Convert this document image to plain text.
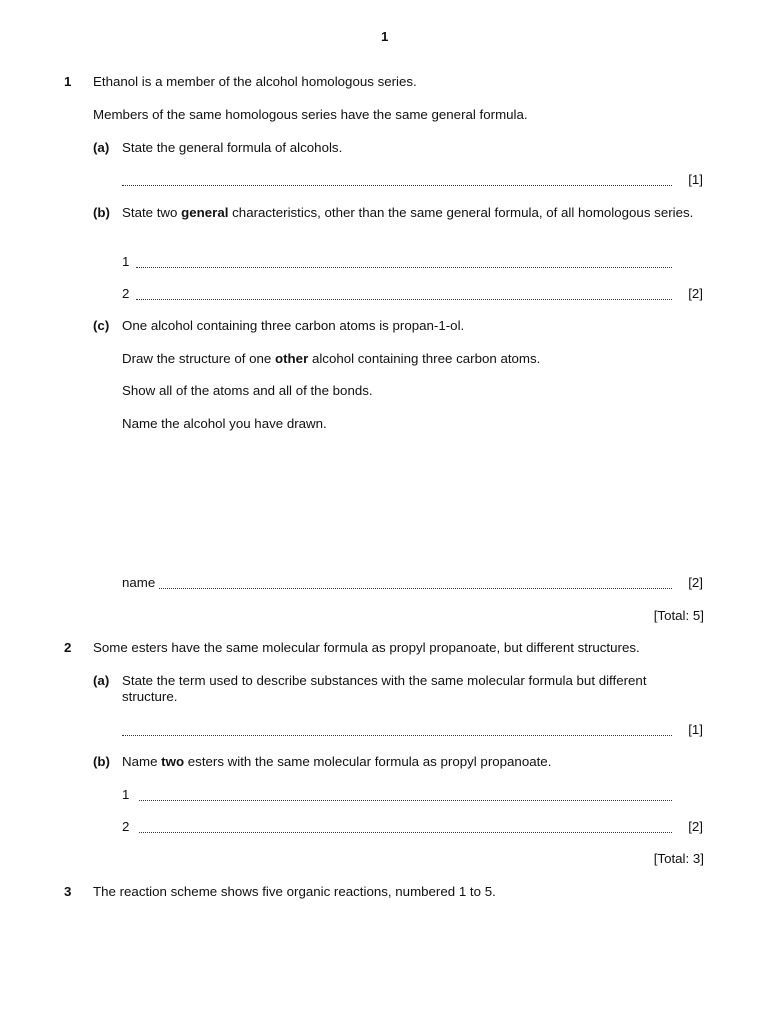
1
1 Ethanol is a member of the alcohol homologous series.
Members of the same homologous series have the same general formula.
(a) State the general formula of alcohols.
[1]
(b) State two general characteristics, other than the same general formula, of all homologous series.
1
2	[2]
(c) One alcohol containing three carbon atoms is propan-1-ol.
Draw the structure of one other alcohol containing three carbon atoms.
Show all of the atoms and all of the bonds.
Name the alcohol you have drawn.
name	[2]
[Total: 5]
2 Some esters have the same molecular formula as propyl propanoate, but different structures.
(a) State the term used to describe substances with the same molecular formula but different structure.
[1]
(b) Name two esters with the same molecular formula as propyl propanoate.
1
2	[2]
[Total: 3]
3 The reaction scheme shows five organic reactions, numbered 1 to 5.
